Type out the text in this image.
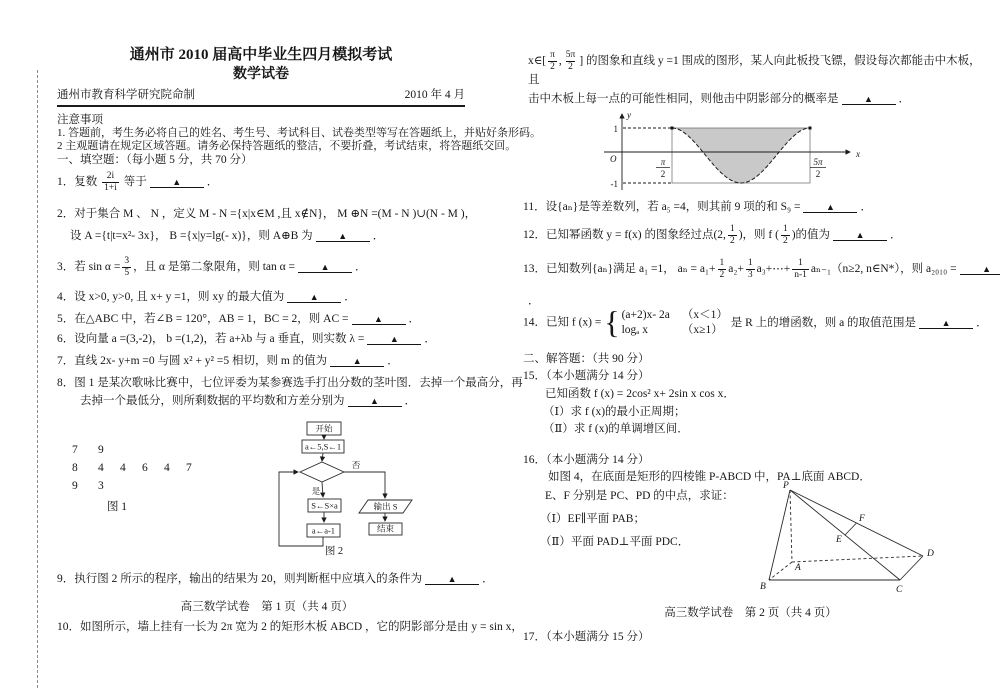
通州市 2010 届高中毕业生四月模拟考试
数学试卷
通州市教育科学研究院命制	2010 年 4 月
注意事项
1. 答题前，考生务必将自己的姓名、考生号、考试科目、试卷类型等写在答题纸上，并贴好条形码。
2 主观题请在规定区域答题。请务必保持答题纸的整洁，不要折叠，考试结束，将答题纸交回。
一、填空题：（每小题 5 分，共 70 分）
1．复数 $\frac{2i}{1+i}$ 等于	▲ ．
2．对于集合 M 、 N ，定义 M - N ={x|x∈M ,且 x∉N}， M ⊕N =(M - N )∪(N - M )，
设 A ={t|t=x²- 3x}， B ={x|y=lg(- x)}，则 A⊕B 为	▲ ．
3．若 $\sin \alpha = \frac{3}{5}$ ，且 α 是第二象限角，则 tan α =	▲ ．
4．设 x>0, y>0, 且 x+ y =1，则 xy 的最大值为	▲ ．
5．在△ABC 中，若∠B = 120°，AB = 1，BC = 2，则 AC =	▲ ．
6．设向量 a =(3,-2)， b =(1,2)，若 a+λb 与 a 垂直，则实数 λ =	▲ ．
7．直线 2x- y+m =0 与圆 x² + y² =5 相切，则 m 的值为	▲ ．
8．图 1 是某次歌咏比赛中，七位评委为某参赛选手打出分数的茎叶图．去掉一个最高分，再
去掉一个最低分，则所剩数据的平均数和方差分别为	▲ ．
7 9
8 4 4 6 4 7
9 3
图 1
开始
a←5,S←1
是
否
S←S×a
a←a-1
输出 S
结束
图 2
9．执行图 2 所示的程序，输出的结果为 20，则判断框中应填入的条件为	▲ ．
高三数学试卷　第 1 页（共 4 页）
10．如图所示，墙上挂有一长为 2π 宽为 2 的矩形木板 ABCD ，它的阴影部分是由 y = sin x，
x∈[ $\frac{\pi}{2}$ , $\frac{5\pi}{2}$ ] 的图象和直线 y =1 围成的图形，某人向此板投飞镖，假设每次都能击中木板，且
击中木板上每一点的可能性相同，则他击中阴影部分的概率是	▲ ．
y
x
O
1
-1
π
2
5π
2
11．设{aₙ}是等差数列，若 a₅ =4，则其前 9 项的和 S₉ =	▲ ．
12．已知幂函数 y = f(x) 的图象经过点(2, $\frac{1}{2}$ )，则 f ( $\frac{1}{2}$ )的值为	▲ ．
13．已知数列{aₙ}满足 a₁ =1， $a_n = a_1+ \frac{1}{2} a_2+ \frac{1}{3}$ a₃+⋯+ $\frac{1}{n-1} a_{n-1}(n\ge 2$, n∈N*），则 a₂₀₁₀ =	▲
．
14．已知 f (x) = { (a+2)x- 2a （x＜1）
logₐ x	（x≥1）
是 R 上的增函数，则 a 的取值范围是	▲ ．
二、解答题：（共 90 分）
15．（本小题满分 14 分）
已知函数 f (x) = 2cos² x+ 2sin x cos x．
（Ⅰ）求 f (x)的最小正周期；
（Ⅱ）求 f (x)的单调增区间．
16．（本小题满分 14 分）
如图 4，在底面是矩形的四棱锥 P-ABCD 中，PA⊥底面 ABCD．
E、F 分别是 PC、PD 的中点，求证：
（Ⅰ）EF∥平面 PAB；
（Ⅱ）平面 PAD⊥平面 PDC．
P
A
B	C
D
E
F
高三数学试卷　第 2 页（共 4 页）
17．（本小题满分 15 分）
